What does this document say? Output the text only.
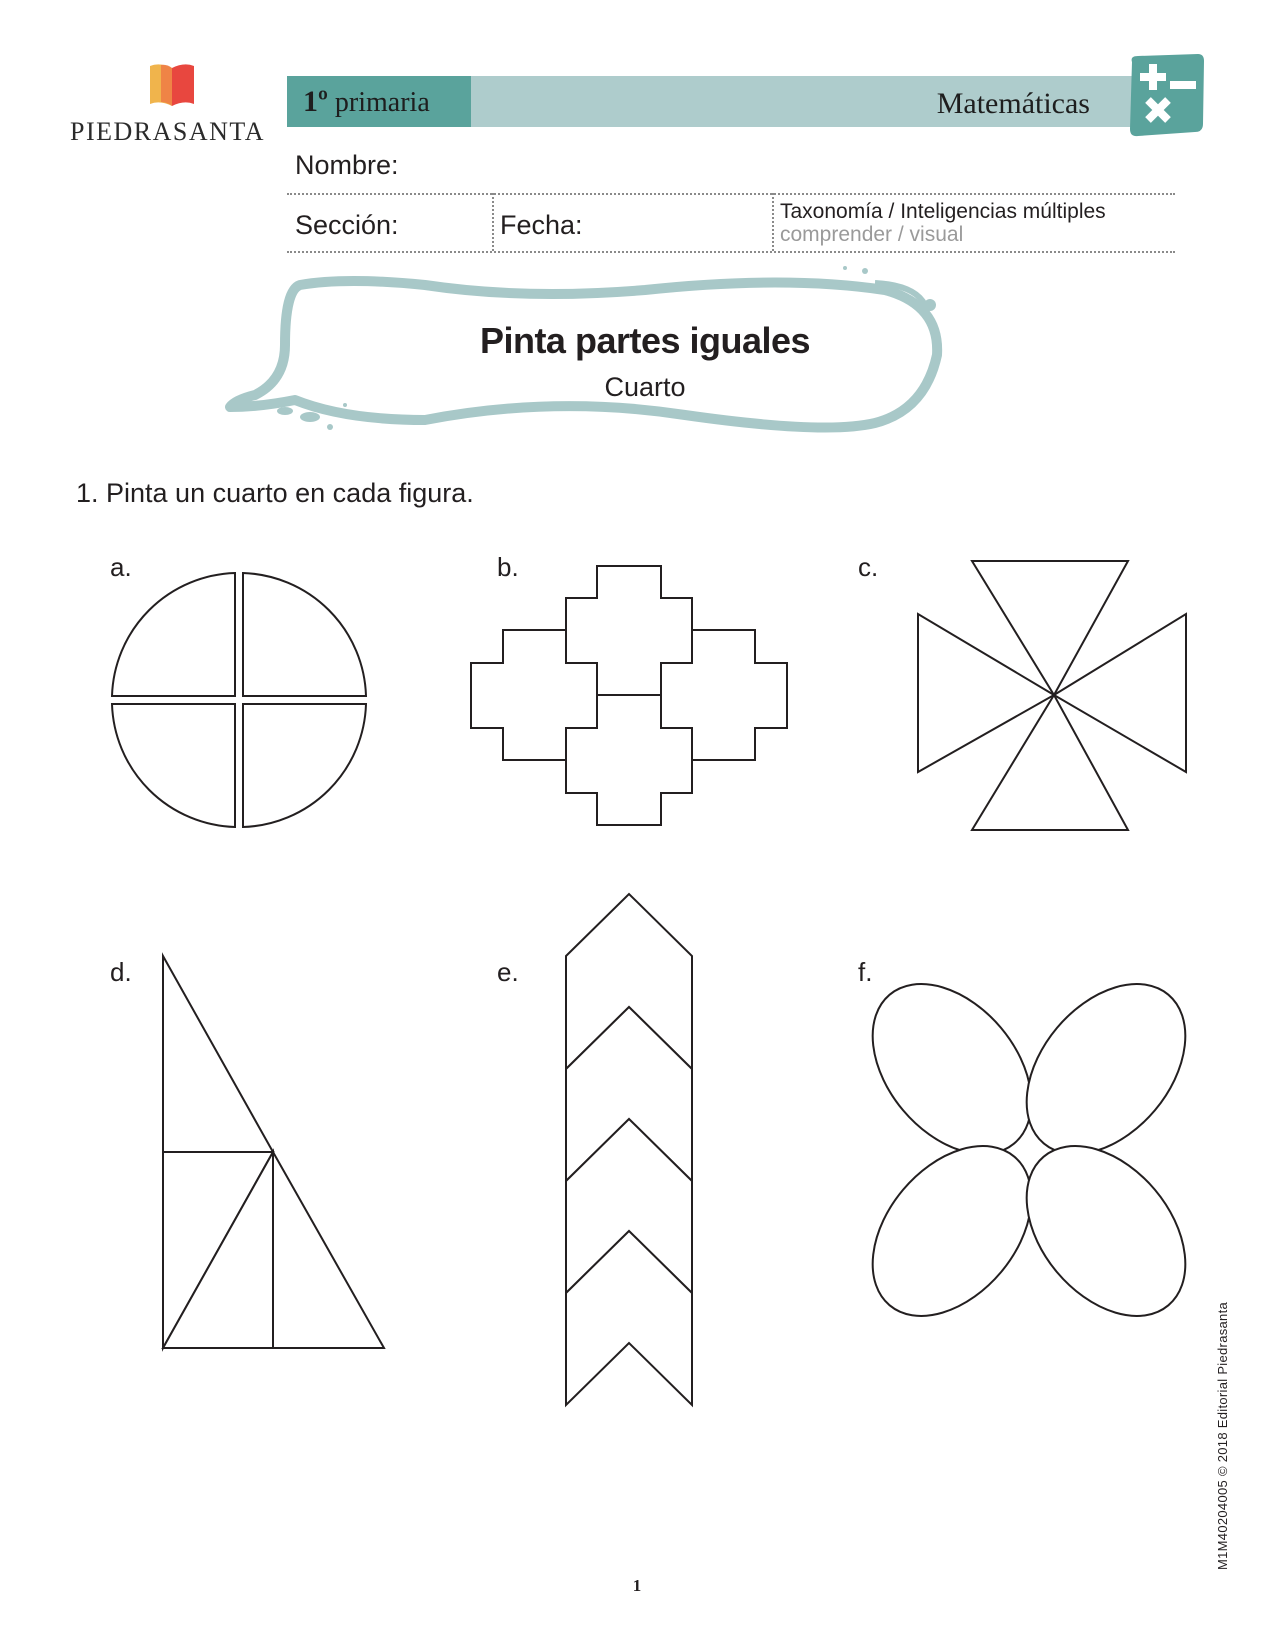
PIEDRASANTA
1º primaria	Matemáticas
Nombre:
Sección:	Fecha:	Taxonomía / Inteligencias múltiples
comprender / visual
Pinta partes iguales
Cuarto
1. Pinta un cuarto en cada figura.
a.	b.	c.
d.	e.	f.
M1M40204005 © 2018 Editorial Piedrasanta
1
